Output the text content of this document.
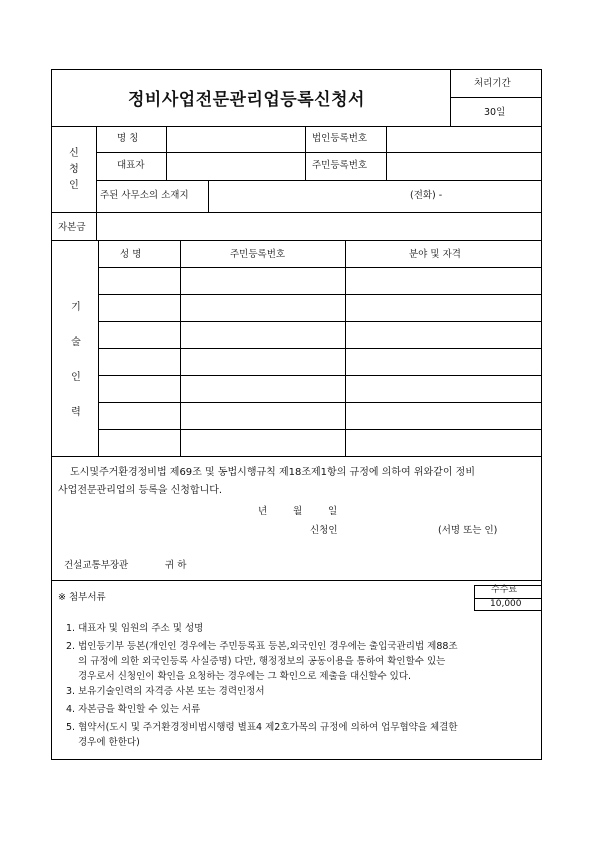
정비사업전문관리업등록신청서
처리기간
30일
신
청
인
명 칭	법인등록번호
대표자	주민등록번호
주된 사무소의 소재지	(전화) -
자본금
기
술
인
력
성 명	주민등록번호	분야 및 자격
도시및주거환경정비법 제69조 및 동법시행규칙 제18조제1항의 규정에 의하여 위와같이 정비
사업전문관리업의 등록을 신청합니다.
년	월	일
신청인	(서명 또는 인)
건설교통부장관	귀 하
※ 첨부서류
수수료
10,000
1. 대표자 및 임원의 주소 및 성명
2. 법인등기부 등본(개인인 경우에는 주민등록표 등본,외국인인 경우에는 출입국관리법 제88조
의 규정에 의한 외국인등록 사실증명) 다만, 행정정보의 공동이용을 통하여 확인할수 있는
경우로서 신청인이 확인을 요청하는 경우에는 그 확인으로 제출을 대신할수 있다.
3. 보유기술인력의 자격증 사본 또는 경력인정서
4. 자본금을 확인할 수 있는 서류
5. 협약서(도시 및 주거환경정비법시행령 별표4 제2호가목의 규정에 의하여 업무협약을 체결한
경우에 한한다)
